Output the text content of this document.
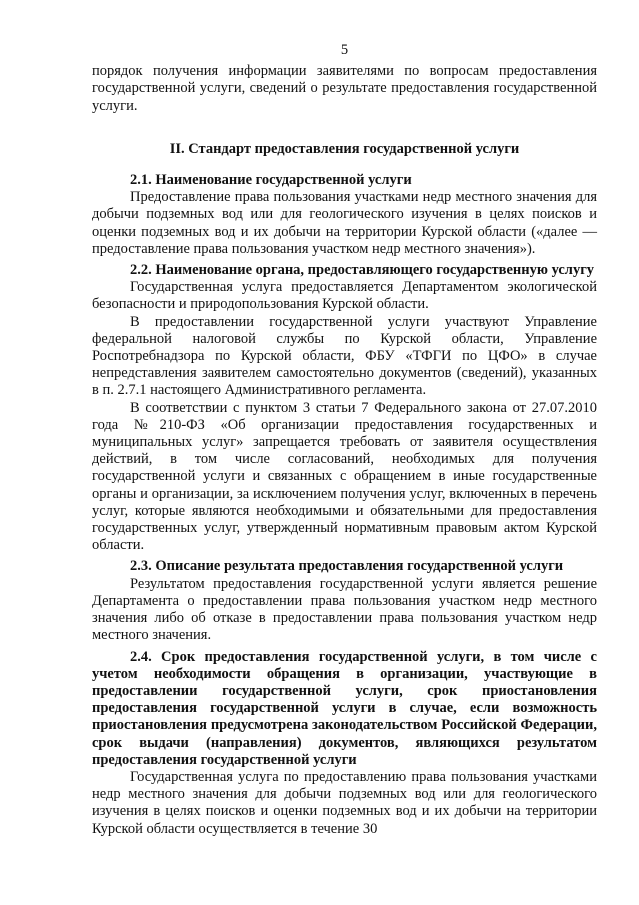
5

порядок получения информации заявителями по вопросам предоставления государственной услуги, сведений о результате предоставления государственной услуги.

II. Стандарт предоставления государственной услуги

2.1. Наименование государственной услуги

Предоставление права пользования участками недр местного значения для добычи подземных вод или для геологического изучения в целях поисков и оценки подземных вод и их добычи на территории Курской области («далее — предоставление права пользования участком недр местного значения»).

2.2. Наименование органа, предоставляющего государственную услугу

Государственная услуга предоставляется Департаментом экологической безопасности и природопользования Курской области.

В предоставлении государственной услуги участвуют Управление федеральной налоговой службы по Курской области, Управление Роспотребнадзора по Курской области, ФБУ «ТФГИ по ЦФО» в случае непредставления заявителем самостоятельно документов (сведений), указанных в п. 2.7.1 настоящего Административного регламента.

В соответствии с пунктом 3 статьи 7 Федерального закона от 27.07.2010 года №210-ФЗ «Об организации предоставления государственных и муниципальных услуг» запрещается требовать от заявителя осуществления действий, в том числе согласований, необходимых для получения государственной услуги и связанных с обращением в иные государственные органы и организации, за исключением получения услуг, включенных в перечень услуг, которые являются необходимыми и обязательными для предоставления государственных услуг, утвержденный нормативным правовым актом Курской области.

2.3. Описание результата предоставления государственной услуги

Результатом предоставления государственной услуги является решение Департамента о предоставлении права пользования участком недр местного значения либо об отказе в предоставлении права пользования участком недр местного значения.

2.4. Срок предоставления государственной услуги, в том числе с учетом необходимости обращения в организации, участвующие в предоставлении государственной услуги, срок приостановления предоставления государственной услуги в случае, если возможность приостановления предусмотрена законодательством Российской Федерации, срок выдачи (направления) документов, являющихся результатом предоставления государственной услуги

Государственная услуга по предоставлению права пользования участками недр местного значения для добычи подземных вод или для геологического изучения в целях поисков и оценки подземных вод и их добычи на территории Курской области осуществляется в течение 30
